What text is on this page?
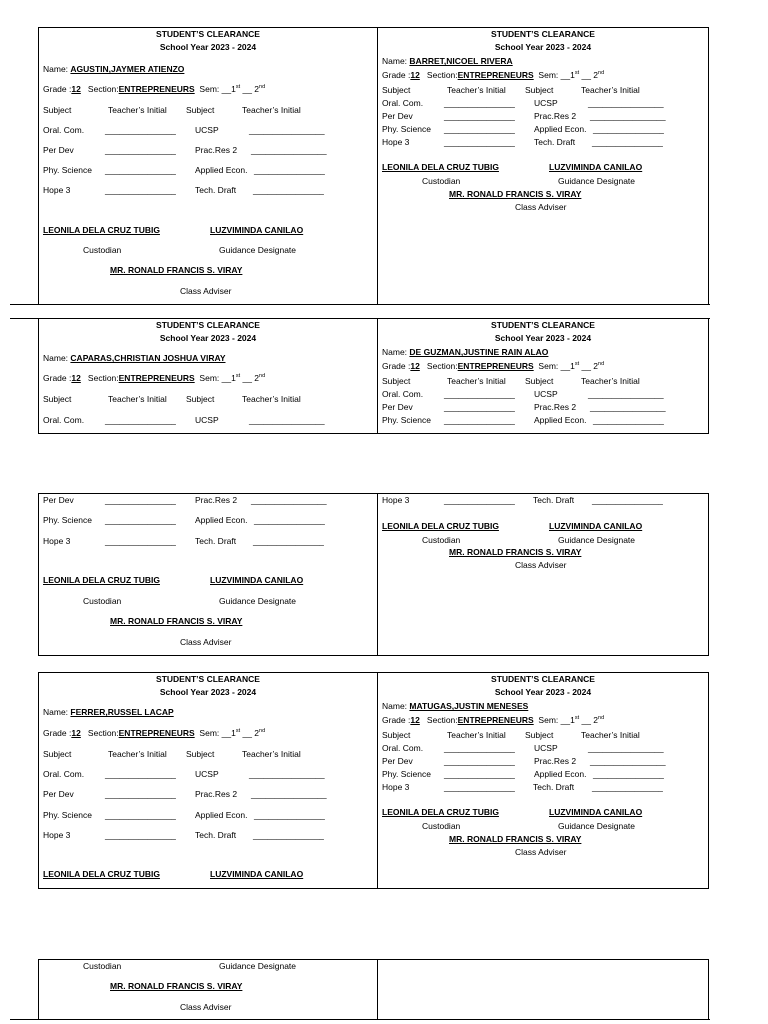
STUDENT’S CLEARANCE
School Year 2023 - 2024
Name: AGUSTIN,JAYMER ATIENZO
Grade :12 Section:ENTREPRENEURS Sem: __1st __ 2nd
Subject	Teacher’s Initial Subject	Teacher’s Initial
Oral. Com. _______________ UCSP	________________
Per Dev	_______________ Prac.Res 2 ________________
Phy. Science _______________ Applied Econ. _______________
Hope 3	_______________ Tech. Draft _______________
LEONILA DELA CRUZ TUBIG	LUZVIMINDA CANILAO
Custodian	Guidance Designate
MR. RONALD FRANCIS S. VIRAY
Class Adviser
STUDENT’S CLEARANCE
School Year 2023 - 2024
Name: BARRET,NICOEL RIVERA
Grade :12 Section:ENTREPRENEURS Sem: __1st __ 2nd
Subject	Teacher’s Initial Subject	Teacher’s Initial
Oral. Com. _______________ UCSP	________________
Per Dev	_______________ Prac.Res 2 ________________
Phy. Science _______________ Applied Econ. _______________
Hope 3	_______________ Tech. Draft _______________
LEONILA DELA CRUZ TUBIG	LUZVIMINDA CANILAO
Custodian	Guidance Designate
MR. RONALD FRANCIS S. VIRAY
Class Adviser
STUDENT’S CLEARANCE
School Year 2023 - 2024
Name: CAPARAS,CHRISTIAN JOSHUA VIRAY
Grade :12 Section:ENTREPRENEURS Sem: __1st __ 2nd
Subject	Teacher’s Initial Subject	Teacher’s Initial
Oral. Com. _______________ UCSP	________________
STUDENT’S CLEARANCE
School Year 2023 - 2024
Name: DE GUZMAN,JUSTINE RAIN ALAO
Grade :12 Section:ENTREPRENEURS Sem: __1st __ 2nd
Subject	Teacher’s Initial Subject	Teacher’s Initial
Oral. Com. _______________ UCSP	________________
Per Dev	_______________ Prac.Res 2 ________________
Phy. Science _______________ Applied Econ. _______________
Per Dev	_______________ Prac.Res 2 ________________
Phy. Science _______________ Applied Econ. _______________
Hope 3	_______________ Tech. Draft _______________
LEONILA DELA CRUZ TUBIG	LUZVIMINDA CANILAO
Custodian	Guidance Designate
MR. RONALD FRANCIS S. VIRAY
Class Adviser
Hope 3	_______________ Tech. Draft _______________
LEONILA DELA CRUZ TUBIG	LUZVIMINDA CANILAO
Custodian	Guidance Designate
MR. RONALD FRANCIS S. VIRAY
Class Adviser
STUDENT’S CLEARANCE
School Year 2023 - 2024
Name: FERRER,RUSSEL LACAP
Grade :12 Section:ENTREPRENEURS Sem: __1st __ 2nd
Subject	Teacher’s Initial Subject	Teacher’s Initial
Oral. Com. _______________ UCSP	________________
Per Dev	_______________ Prac.Res 2 ________________
Phy. Science _______________ Applied Econ. _______________
Hope 3	_______________ Tech. Draft _______________
LEONILA DELA CRUZ TUBIG	LUZVIMINDA CANILAO
STUDENT’S CLEARANCE
School Year 2023 - 2024
Name: MATUGAS,JUSTIN MENESES
Grade :12 Section:ENTREPRENEURS Sem: __1st __ 2nd
Subject	Teacher’s Initial Subject	Teacher’s Initial
Oral. Com. _______________ UCSP	________________
Per Dev	_______________ Prac.Res 2 ________________
Phy. Science _______________ Applied Econ. _______________
Hope 3	_______________ Tech. Draft _______________
LEONILA DELA CRUZ TUBIG	LUZVIMINDA CANILAO
Custodian	Guidance Designate
MR. RONALD FRANCIS S. VIRAY
Class Adviser
Custodian	Guidance Designate
MR. RONALD FRANCIS S. VIRAY
Class Adviser
